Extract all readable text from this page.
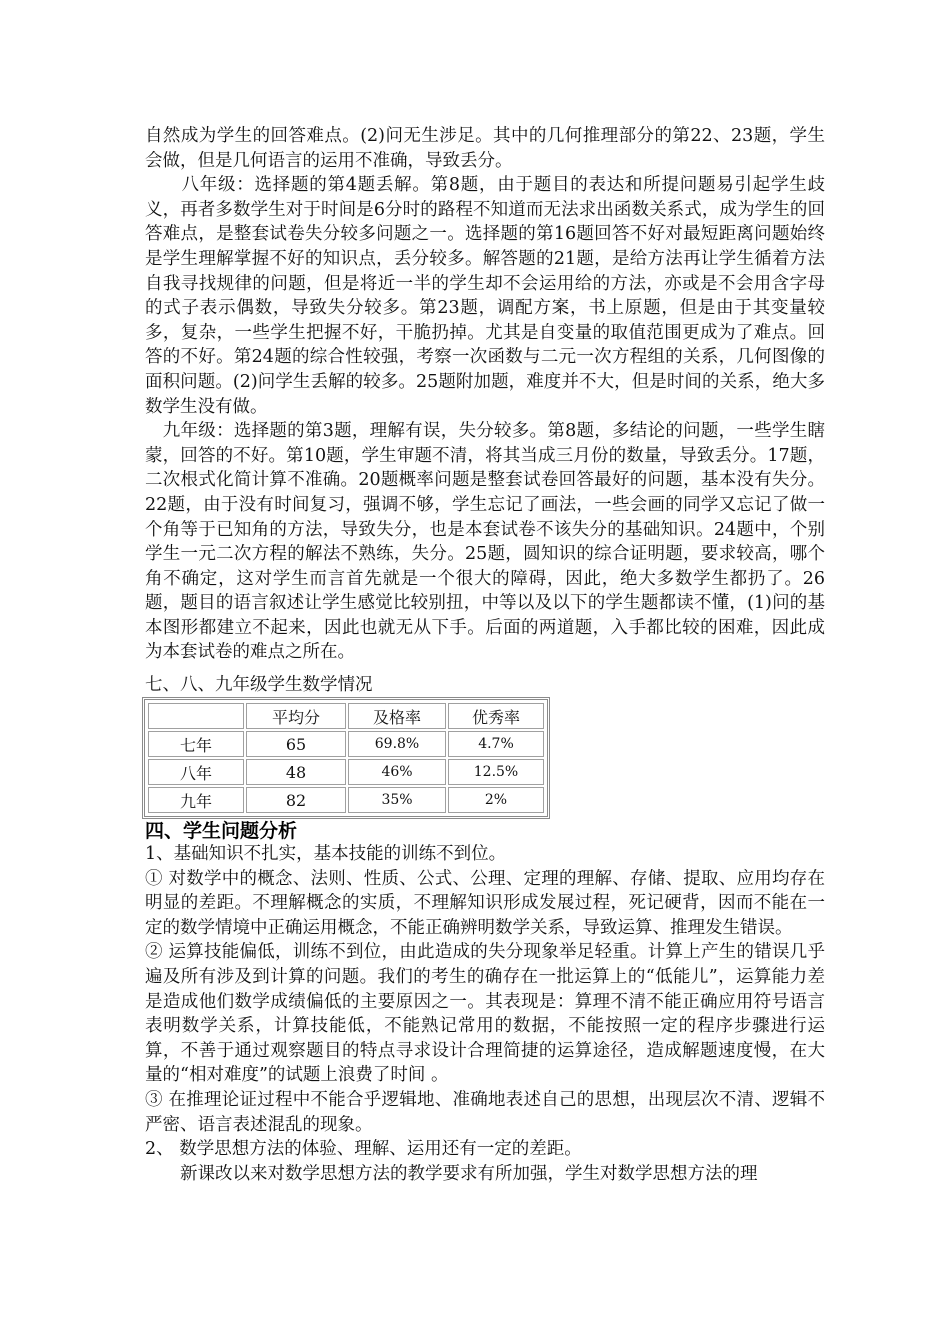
自然成为学生的回答难点。(2)问无生涉足。其中的几何推理部分的第22、23题，学生会做，但是几何语言的运用不准确，导致丢分。

　　八年级：选择题的第4题丢解。第8题，由于题目的表达和所提问题易引起学生歧义，再者多数学生对于时间是6分时的路程不知道而无法求出函数关系式，成为学生的回答难点，是整套试卷失分较多问题之一。选择题的第16题回答不好对最短距离问题始终是学生理解掌握不好的知识点，丢分较多。解答题的21题，是给方法再让学生循着方法自我寻找规律的问题，但是将近一半的学生却不会运用给的方法，亦或是不会用含字母的式子表示偶数，导致失分较多。第23题，调配方案，书上原题，但是由于其变量较多，复杂，一些学生把握不好，干脆扔掉。尤其是自变量的取值范围更成为了难点。回答的不好。第24题的综合性较强，考察一次函数与二元一次方程组的关系，几何图像的面积问题。(2)问学生丢解的较多。25题附加题，难度并不大，但是时间的关系，绝大多数学生没有做。

　九年级：选择题的第3题，理解有误，失分较多。第8题，多结论的问题，一些学生瞎蒙，回答的不好。第10题，学生审题不清，将其当成三月份的数量，导致丢分。17题，二次根式化简计算不准确。20题概率问题是整套试卷回答最好的问题，基本没有失分。22题，由于没有时间复习，强调不够，学生忘记了画法，一些会画的同学又忘记了做一个角等于已知角的方法，导致失分，也是本套试卷不该失分的基础知识。24题中，个别学生一元二次方程的解法不熟练，失分。25题，圆知识的综合证明题，要求较高，哪个角不确定，这对学生而言首先就是一个很大的障碍，因此，绝大多数学生都扔了。26题，题目的语言叙述让学生感觉比较别扭，中等以及以下的学生题都读不懂，(1)问的基本图形都建立不起来，因此也就无从下手。后面的两道题，入手都比较的困难，因此成为本套试卷的难点之所在。

七、八、九年级学生数学情况
	平均分	及格率	优秀率
七年	65	69.8%	4.7%
八年	48	46%	12.5%
九年	82	35%	2%
四、学生问题分析

1、基础知识不扎实，基本技能的训练不到位。

① 对数学中的概念、法则、性质、公式、公理、定理的理解、存储、提取、应用均存在明显的差距。不理解概念的实质，不理解知识形成发展过程，死记硬背，因而不能在一定的数学情境中正确运用概念，不能正确辨明数学关系，导致运算、推理发生错误。

② 运算技能偏低，训练不到位，由此造成的失分现象举足轻重。计算上产生的错误几乎遍及所有涉及到计算的问题。我们的考生的确存在一批运算上的“低能儿”，运算能力差是造成他们数学成绩偏低的主要原因之一。其表现是：算理不清不能正确应用符号语言表明数学关系，计算技能低，不能熟记常用的数据，不能按照一定的程序步骤进行运算，不善于通过观察题目的特点寻求设计合理简捷的运算途径，造成解题速度慢，在大量的“相对难度”的试题上浪费了时间 。

③ 在推理论证过程中不能合乎逻辑地、准确地表述自己的思想，出现层次不清、逻辑不严密、语言表述混乱的现象。

2、 数学思想方法的体验、理解、运用还有一定的差距。

　　新课改以来对数学思想方法的教学要求有所加强，学生对数学思想方法的理
